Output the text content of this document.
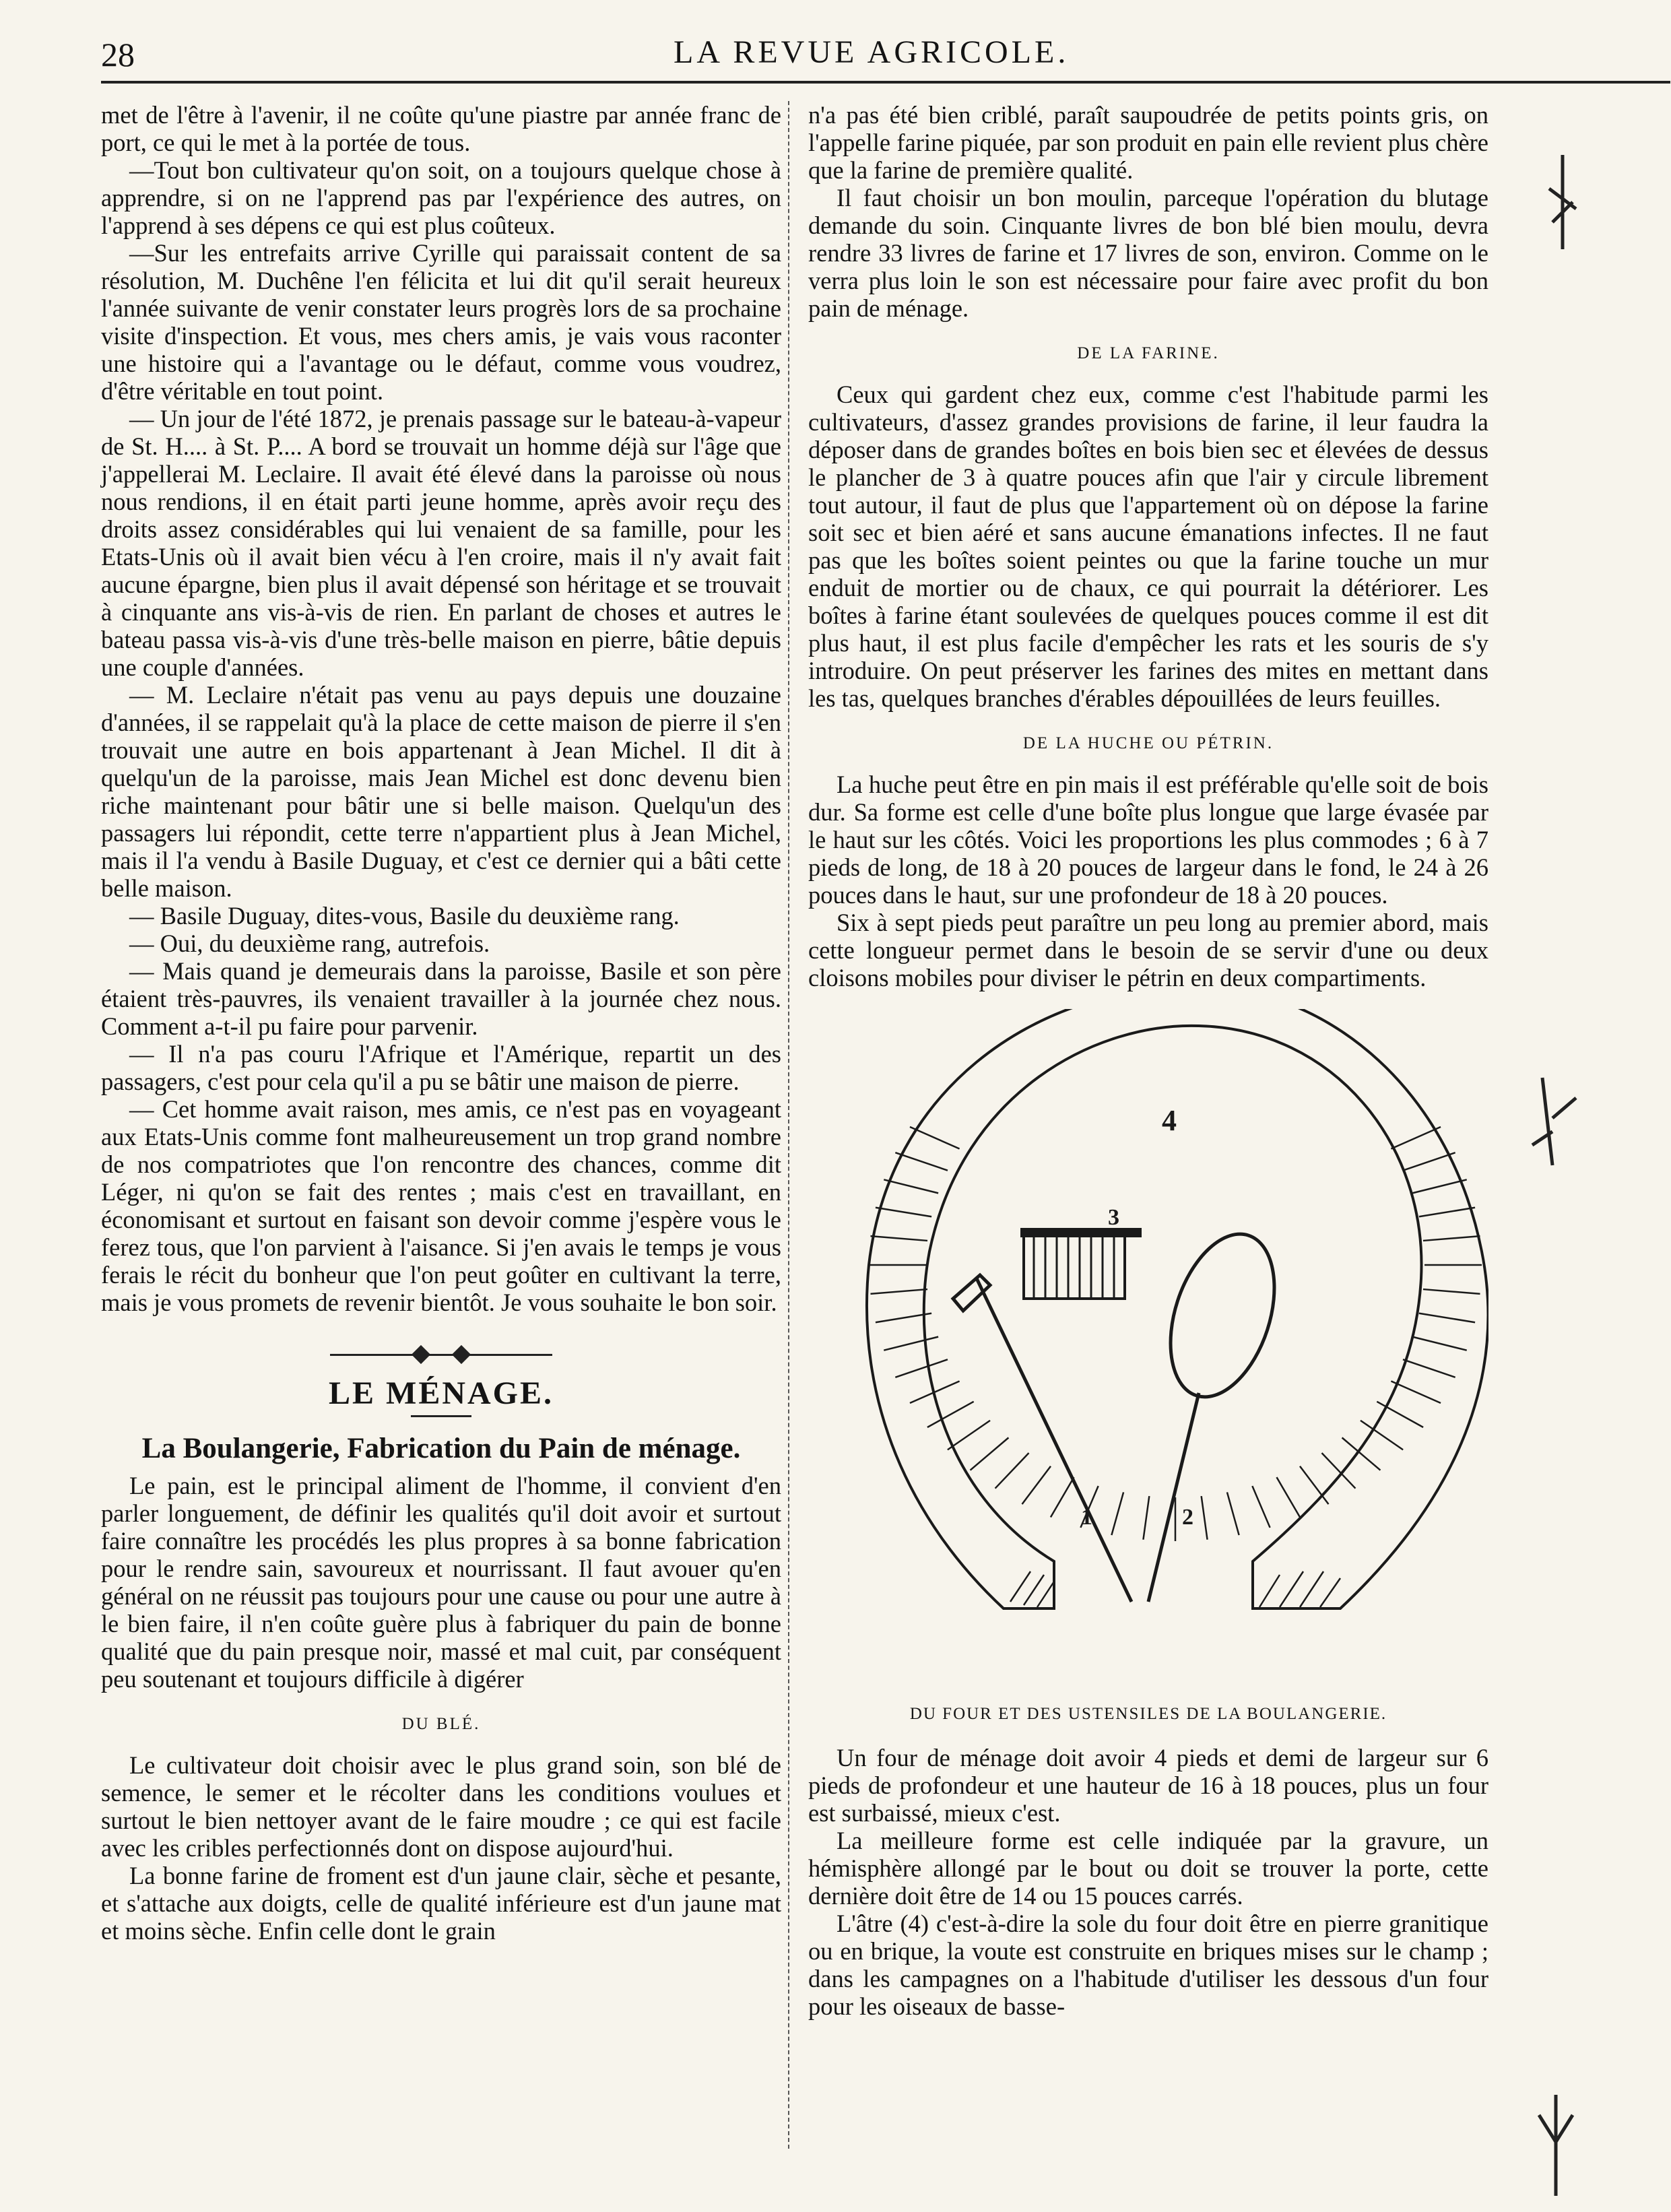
28	LA REVUE AGRICOLE.

met de l'être à l'avenir, il ne coûte qu'une piastre par année franc de port, ce qui le met à la portée de tous.

—Tout bon cultivateur qu'on soit, on a toujours quelque chose à apprendre, si on ne l'apprend pas par l'expérience des autres, on l'apprend à ses dépens ce qui est plus coûteux.

—Sur les entrefaits arrive Cyrille qui paraissait content de sa résolution, M. Duchêne l'en félicita et lui dit qu'il serait heureux l'année suivante de venir constater leurs progrès lors de sa prochaine visite d'inspection. Et vous, mes chers amis, je vais vous raconter une histoire qui a l'avantage ou le défaut, comme vous voudrez, d'être véritable en tout point.

— Un jour de l'été 1872, je prenais passage sur le bateau-à-vapeur de St. H.... à St. P.... A bord se trouvait un homme déjà sur l'âge que j'appellerai M. Leclaire. Il avait été élevé dans la paroisse où nous nous rendions, il en était parti jeune homme, après avoir reçu des droits assez considérables qui lui venaient de sa famille, pour les Etats-Unis où il avait bien vécu à l'en croire, mais il n'y avait fait aucune épargne, bien plus il avait dépensé son héritage et se trouvait à cinquante ans vis-à-vis de rien. En parlant de choses et autres le bateau passa vis-à-vis d'une très-belle maison en pierre, bâtie depuis une couple d'années.

— M. Leclaire n'était pas venu au pays depuis une douzaine d'années, il se rappelait qu'à la place de cette maison de pierre il s'en trouvait une autre en bois appartenant à Jean Michel. Il dit à quelqu'un de la paroisse, mais Jean Michel est donc devenu bien riche maintenant pour bâtir une si belle maison. Quelqu'un des passagers lui répondit, cette terre n'appartient plus à Jean Michel, mais il l'a vendu à Basile Duguay, et c'est ce dernier qui a bâti cette belle maison.

— Basile Duguay, dites-vous, Basile du deuxième rang.

— Oui, du deuxième rang, autrefois.

— Mais quand je demeurais dans la paroisse, Basile et son père étaient très-pauvres, ils venaient travailler à la journée chez nous. Comment a-t-il pu faire pour parvenir.

— Il n'a pas couru l'Afrique et l'Amérique, repartit un des passagers, c'est pour cela qu'il a pu se bâtir une maison de pierre.

— Cet homme avait raison, mes amis, ce n'est pas en voyageant aux Etats-Unis comme font malheureusement un trop grand nombre de nos compatriotes que l'on rencontre des chances, comme dit Léger, ni qu'on se fait des rentes ; mais c'est en travaillant, en économisant et surtout en faisant son devoir comme j'espère vous le ferez tous, que l'on parvient à l'aisance. Si j'en avais le temps je vous ferais le récit du bonheur que l'on peut goûter en cultivant la terre, mais je vous promets de revenir bientôt. Je vous souhaite le bon soir.

LE MÉNAGE.
La Boulangerie, Fabrication du Pain de ménage.

Le pain, est le principal aliment de l'homme, il convient d'en parler longuement, de définir les qualités qu'il doit avoir et surtout faire connaître les procédés les plus propres à sa bonne fabrication pour le rendre sain, savoureux et nourrissant. Il faut avouer qu'en général on ne réussit pas toujours pour une cause ou pour une autre à le bien faire, il n'en coûte guère plus à fabriquer du pain de bonne qualité que du pain presque noir, massé et mal cuit, par conséquent peu soutenant et toujours difficile à digérer

DU BLÉ.

Le cultivateur doit choisir avec le plus grand soin, son blé de semence, le semer et le récolter dans les conditions voulues et surtout le bien nettoyer avant de le faire moudre ; ce qui est facile avec les cribles perfectionnés dont on dispose aujourd'hui.

La bonne farine de froment est d'un jaune clair, sèche et pesante, et s'attache aux doigts, celle de qualité inférieure est d'un jaune mat et moins sèche. Enfin celle dont le grain

n'a pas été bien criblé, paraît saupoudrée de petits points gris, on l'appelle farine piquée, par son produit en pain elle revient plus chère que la farine de première qualité.

Il faut choisir un bon moulin, parceque l'opération du blutage demande du soin. Cinquante livres de bon blé bien moulu, devra rendre 33 livres de farine et 17 livres de son, environ. Comme on le verra plus loin le son est nécessaire pour faire avec profit du bon pain de ménage.

DE LA FARINE.

Ceux qui gardent chez eux, comme c'est l'habitude parmi les cultivateurs, d'assez grandes provisions de farine, il leur faudra la déposer dans de grandes boîtes en bois bien sec et élevées de dessus le plancher de 3 à quatre pouces afin que l'air y circule librement tout autour, il faut de plus que l'appartement où on dépose la farine soit sec et bien aéré et sans aucune émanations infectes. Il ne faut pas que les boîtes soient peintes ou que la farine touche un mur enduit de mortier ou de chaux, ce qui pourrait la détériorer. Les boîtes à farine étant soulevées de quelques pouces comme il est dit plus haut, il est plus facile d'empêcher les rats et les souris de s'y introduire. On peut préserver les farines des mites en mettant dans les tas, quelques branches d'érables dépouillées de leurs feuilles.

DE LA HUCHE OU PÉTRIN.

La huche peut être en pin mais il est préférable qu'elle soit de bois dur. Sa forme est celle d'une boîte plus longue que large évasée par le haut sur les côtés. Voici les proportions les plus commodes ; 6 à 7 pieds de long, de 18 à 20 pouces de largeur dans le fond, le 24 à 26 pouces dans le haut, sur une profondeur de 18 à 20 pouces.

Six à sept pieds peut paraître un peu long au premier abord, mais cette longueur permet dans le besoin de se servir d'une ou deux cloisons mobiles pour diviser le pétrin en deux compartiments.

3
1	2
4
DU FOUR ET DES USTENSILES DE LA BOULANGERIE.

Un four de ménage doit avoir 4 pieds et demi de largeur sur 6 pieds de profondeur et une hauteur de 16 à 18 pouces, plus un four est surbaissé, mieux c'est.

La meilleure forme est celle indiquée par la gravure, un hémisphère allongé par le bout ou doit se trouver la porte, cette dernière doit être de 14 ou 15 pouces carrés.

L'âtre (4) c'est-à-dire la sole du four doit être en pierre granitique ou en brique, la voute est construite en briques mises sur le champ ; dans les campagnes on a l'habitude d'utiliser les dessous d'un four pour les oiseaux de basse-
